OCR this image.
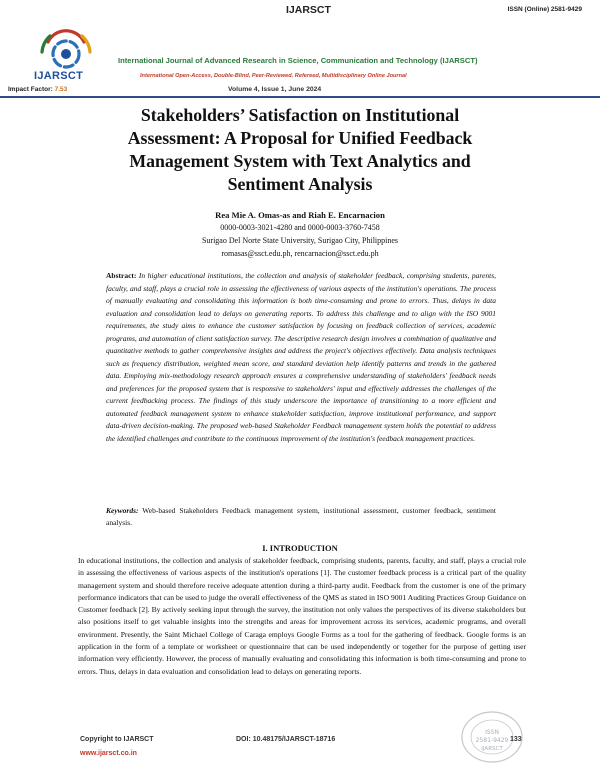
IJARSCT	ISSN (Online) 2581-9429
IJARSCT
Impact Factor: 7.53
International Journal of Advanced Research in Science, Communication and Technology (IJARSCT)
International Open-Access, Double-Blind, Peer-Reviewed, Refereed, Multidisciplinary Online Journal
Volume 4, Issue 1, June 2024
Stakeholders’ Satisfaction on Institutional
Assessment: A Proposal for Unified Feedback
Management System with Text Analytics and
Sentiment Analysis
Rea Mie A. Omas-as and Riah E. Encarnacion
0000-0003-3021-4280 and 0000-0003-3760-7458
Surigao Del Norte State University, Surigao City, Philippines
romasas@ssct.edu.ph, rencarnacion@ssct.edu.ph
Abstract: In higher educational institutions, the collection and analysis of stakeholder feedback, comprising students, parents, faculty, and staff, plays a crucial role in assessing the effectiveness of various aspects of the institution's operations. The process of manually evaluating and consolidating this information is both time-consuming and prone to errors. Thus, delays in data evaluation and consolidation lead to delays on generating reports. To address this challenge and to align with the ISO 9001 requirements, the study aims to enhance the customer satisfaction by focusing on feedback collection of services, academic programs, and automation of client satisfaction survey. The descriptive research design involves a combination of qualitative and quantitative methods to gather comprehensive insights and address the project's objectives effectively. Data analysis techniques such as frequency distribution, weighted mean score, and standard deviation help identify patterns and trends in the gathered data. Employing mix-methodology research approach ensures a comprehensive understanding of stakeholders' feedback needs and preferences for the proposed system that is responsive to stakeholders' input and effectively addresses the challenges of the current feedbacking process. The findings of this study underscore the importance of transitioning to a more efficient and automated feedback management system to enhance stakeholder satisfaction, improve institutional performance, and support data-driven decision-making. The proposed web-based Stakeholder Feedback management system holds the potential to address the identified challenges and contribute to the continuous improvement of the institution's feedback management practices.
Keywords: Web-based Stakeholders Feedback management system, institutional assessment, customer feedback, sentiment analysis.
I. INTRODUCTION
In educational institutions, the collection and analysis of stakeholder feedback, comprising students, parents, faculty, and staff, plays a crucial role in assessing the effectiveness of various aspects of the institution's operations [1]. The customer feedback process is a critical part of the quality management system and should therefore receive adequate attention during a third-party audit. Feedback from the customer is one of the primary performance indicators that can be used to judge the overall effectiveness of the QMS as stated in ISO 9001 Auditing Practices Group Guidance on Customer feedback [2]. By actively seeking input through the survey, the institution not only values the perspectives of its diverse stakeholders but also positions itself to get valuable insights into the strengths and areas for improvement across its services, academic programs, and overall environment. Presently, the Saint Michael College of Caraga employs Google Forms as a tool for the gathering of feedback. Google forms is an application in the form of a template or worksheet or questionnaire that can be used independently or together for the purpose of getting user information very efficiently. However, the process of manually evaluating and consolidating this information is both time-consuming and prone to errors. Thus, delays in data evaluation and consolidation lead to delays on generating reports.
ISSN
2581-9429
IJARSCT
Copyright to IJARSCT
www.ijarsct.co.in
DOI: 10.48175/IJARSCT-18716	133
